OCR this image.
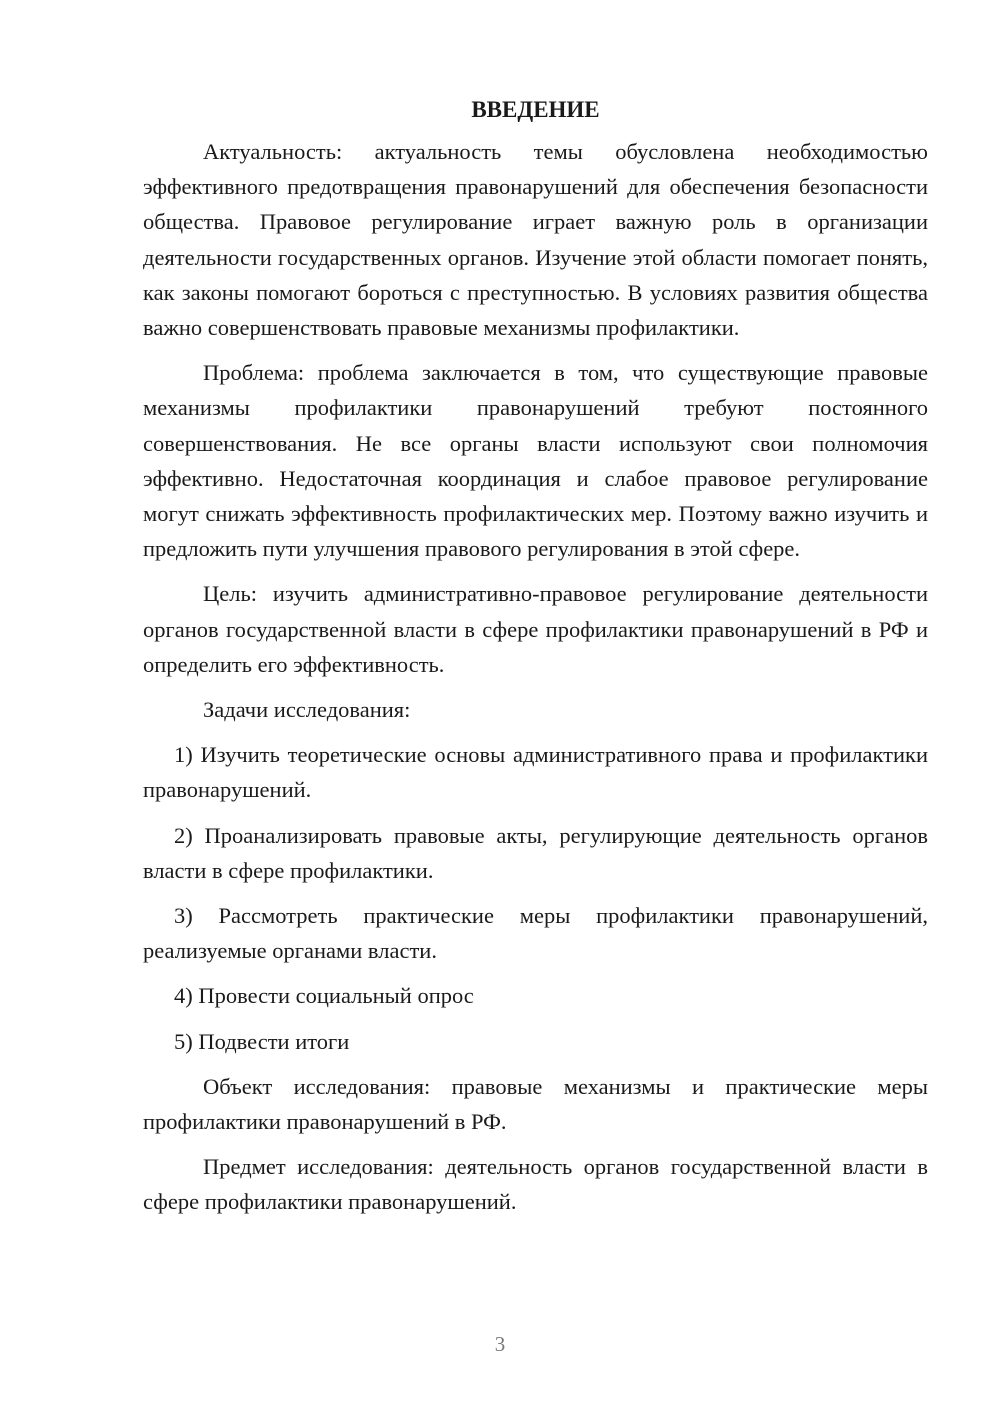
ВВЕДЕНИЕ

Актуальность: актуальность темы обусловлена необходимостью эффективного предотвращения правонарушений для обеспечения безопасности общества. Правовое регулирование играет важную роль в организации деятельности государственных органов. Изучение этой области помогает понять, как законы помогают бороться с преступностью. В условиях развития общества важно совершенствовать правовые механизмы профилактики.

Проблема: проблема заключается в том, что существующие правовые механизмы профилактики правонарушений требуют постоянного совершенствования. Не все органы власти используют свои полномочия эффективно. Недостаточная координация и слабое правовое регулирование могут снижать эффективность профилактических мер. Поэтому важно изучить и предложить пути улучшения правового регулирования в этой сфере.

Цель: изучить административно-правовое регулирование деятельности органов государственной власти в сфере профилактики правонарушений в РФ и определить его эффективность.

Задачи исследования:

1) Изучить теоретические основы административного права и профилактики правонарушений.

2) Проанализировать правовые акты, регулирующие деятельность органов власти в сфере профилактики.

3) Рассмотреть практические меры профилактики правонарушений, реализуемые органами власти.

4) Провести социальный опрос

5) Подвести итоги

Объект исследования: правовые механизмы и практические меры профилактики правонарушений в РФ.

Предмет исследования: деятельность органов государственной власти в сфере профилактики правонарушений.

3
